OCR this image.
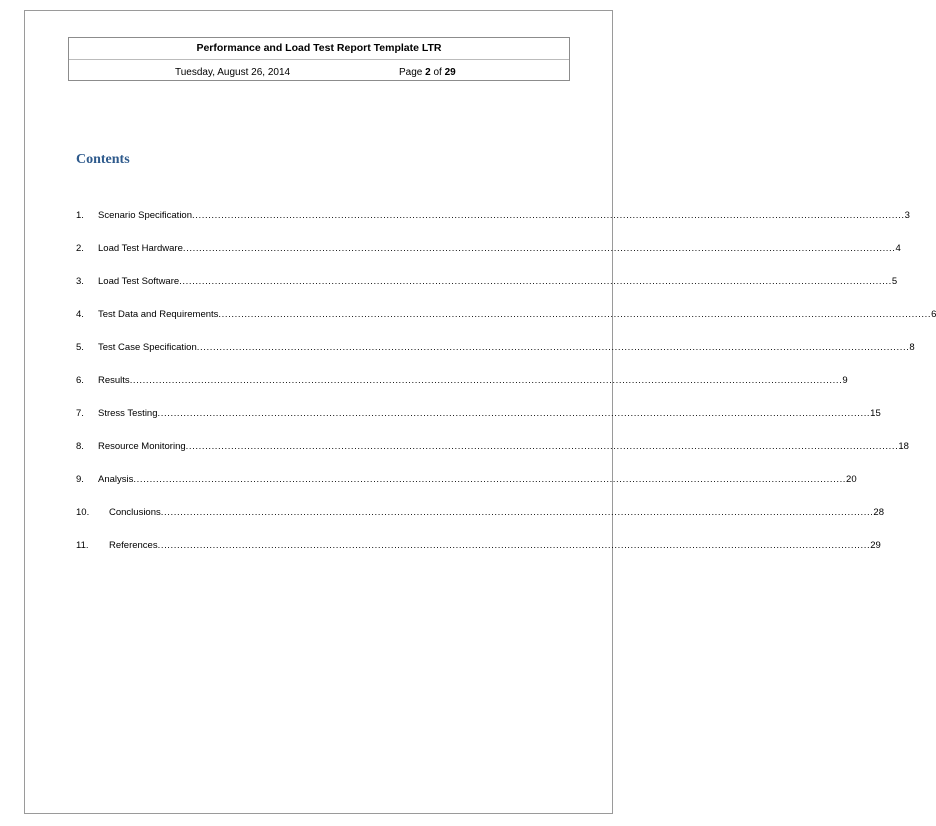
Performance and Load Test Report Template LTR
Tuesday, August 26, 2014	Page 2 of 29
Contents
1.	Scenario Specification ............................................................................................................................................................................................................................ 3
2.	Load Test Hardware ............................................................................................................................................................................................................................ 4
3.	Load Test Software ............................................................................................................................................................................................................................ 5
4.	Test Data and Requirements ............................................................................................................................................................................................................................ 6
5.	Test Case Specification ............................................................................................................................................................................................................................ 8
6.	Results ............................................................................................................................................................................................................................ 9
7.	Stress Testing ............................................................................................................................................................................................................................ 15
8.	Resource Monitoring ............................................................................................................................................................................................................................ 18
9.	Analysis ............................................................................................................................................................................................................................ 20
10.	Conclusions ............................................................................................................................................................................................................................ 28
11.	References ............................................................................................................................................................................................................................ 29
